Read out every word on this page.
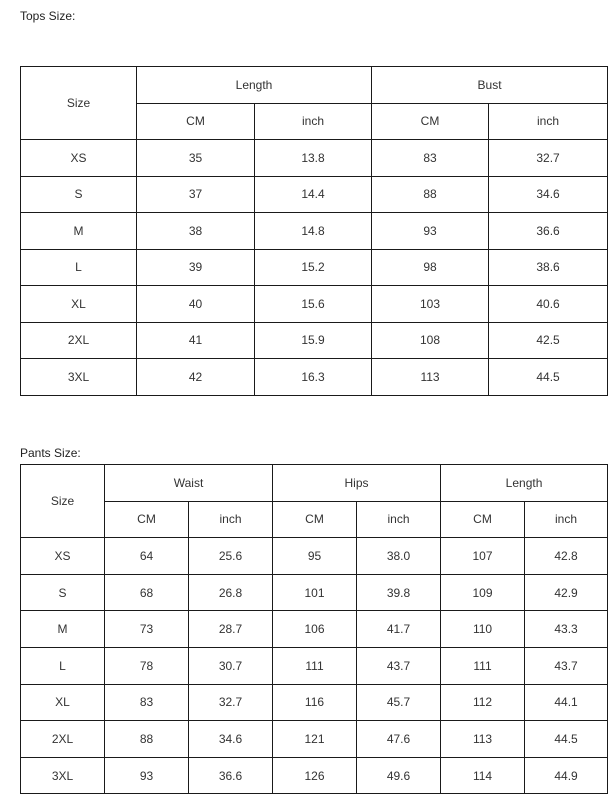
Tops Size:
Size	Length		Bust	
	CM	inch	CM	inch
XS	35	13.8	83	32.7
S	37	14.4	88	34.6
M	38	14.8	93	36.6
L	39	15.2	98	38.6
XL	40	15.6	103	40.6
2XL	41	15.9	108	42.5
3XL	42	16.3	113	44.5
Pants Size:
Size	Waist		Hips		Length	
	CM	inch	CM	inch	CM	inch
XS	64	25.6	95	38.0	107	42.8
S	68	26.8	101	39.8	109	42.9
M	73	28.7	106	41.7	110	43.3
L	78	30.7	111	43.7	111	43.7
XL	83	32.7	116	45.7	112	44.1
2XL	88	34.6	121	47.6	113	44.5
3XL	93	36.6	126	49.6	114	44.9
